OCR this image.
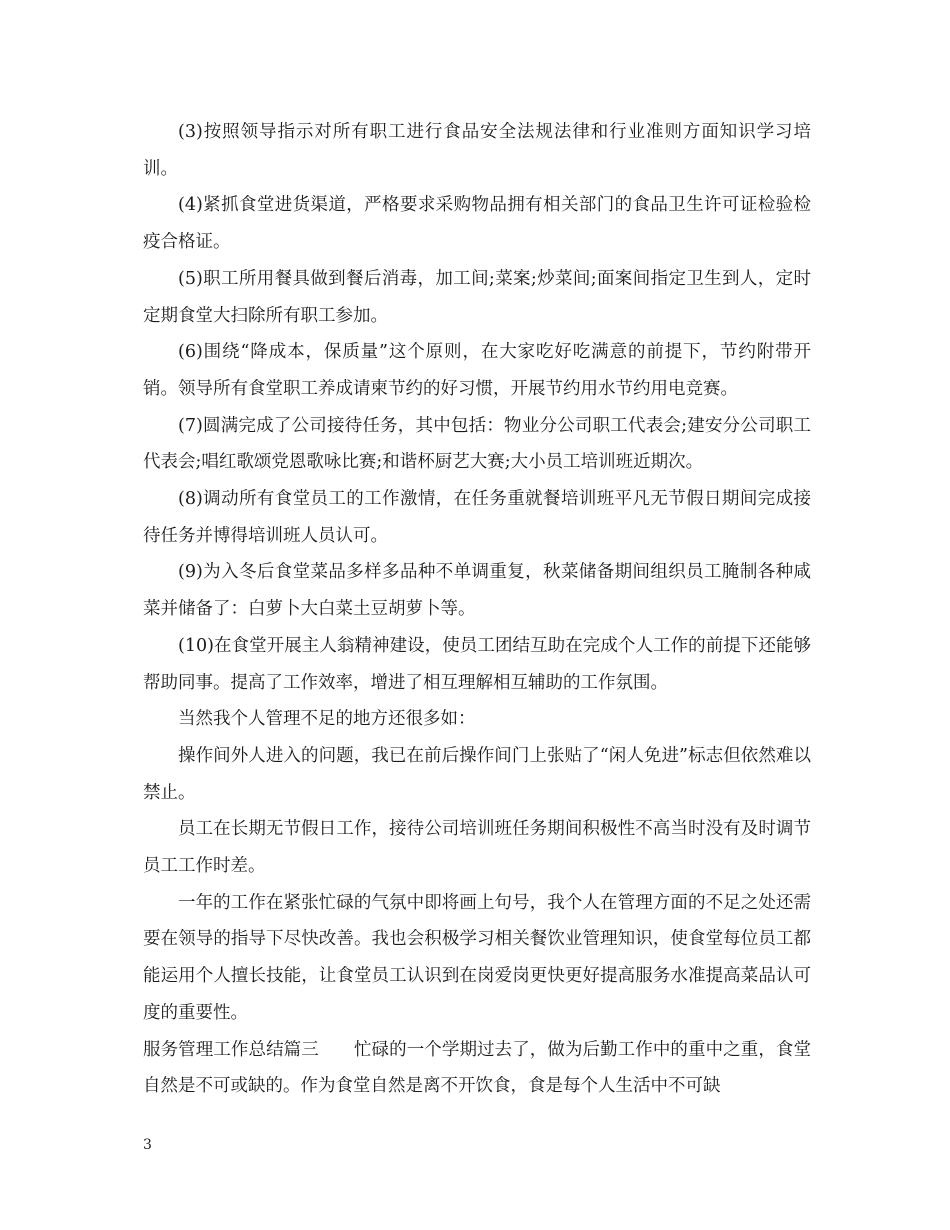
(3)按照领导指示对所有职工进行食品安全法规法律和行业准则方面知识学习培训。

(4)紧抓食堂进货渠道，严格要求采购物品拥有相关部门的食品卫生许可证检验检疫合格证。

(5)职工所用餐具做到餐后消毒，加工间;菜案;炒菜间;面案间指定卫生到人，定时定期食堂大扫除所有职工参加。

(6)围绕“降成本，保质量”这个原则，在大家吃好吃满意的前提下，节约附带开销。领导所有食堂职工养成请柬节约的好习惯，开展节约用水节约用电竞赛。

(7)圆满完成了公司接待任务，其中包括：物业分公司职工代表会;建安分公司职工代表会;唱红歌颂党恩歌咏比赛;和谐杯厨艺大赛;大小员工培训班近期次。

(8)调动所有食堂员工的工作激情，在任务重就餐培训班平凡无节假日期间完成接待任务并博得培训班人员认可。

(9)为入冬后食堂菜品多样多品种不单调重复，秋菜储备期间组织员工腌制各种咸菜并储备了：白萝卜大白菜土豆胡萝卜等。

(10)在食堂开展主人翁精神建设，使员工团结互助在完成个人工作的前提下还能够帮助同事。提高了工作效率，增进了相互理解相互辅助的工作氛围。

当然我个人管理不足的地方还很多如：

操作间外人进入的问题，我已在前后操作间门上张贴了“闲人免进”标志但依然难以禁止。

员工在长期无节假日工作，接待公司培训班任务期间积极性不高当时没有及时调节员工工作时差。

一年的工作在紧张忙碌的气氛中即将画上句号，我个人在管理方面的不足之处还需要在领导的指导下尽快改善。我也会积极学习相关餐饮业管理知识，使食堂每位员工都能运用个人擅长技能，让食堂员工认识到在岗爱岗更快更好提高服务水准提高菜品认可度的重要性。

服务管理工作总结篇三　　忙碌的一个学期过去了，做为后勤工作中的重中之重，食堂自然是不可或缺的。作为食堂自然是离不开饮食，食是每个人生活中不可缺

3
